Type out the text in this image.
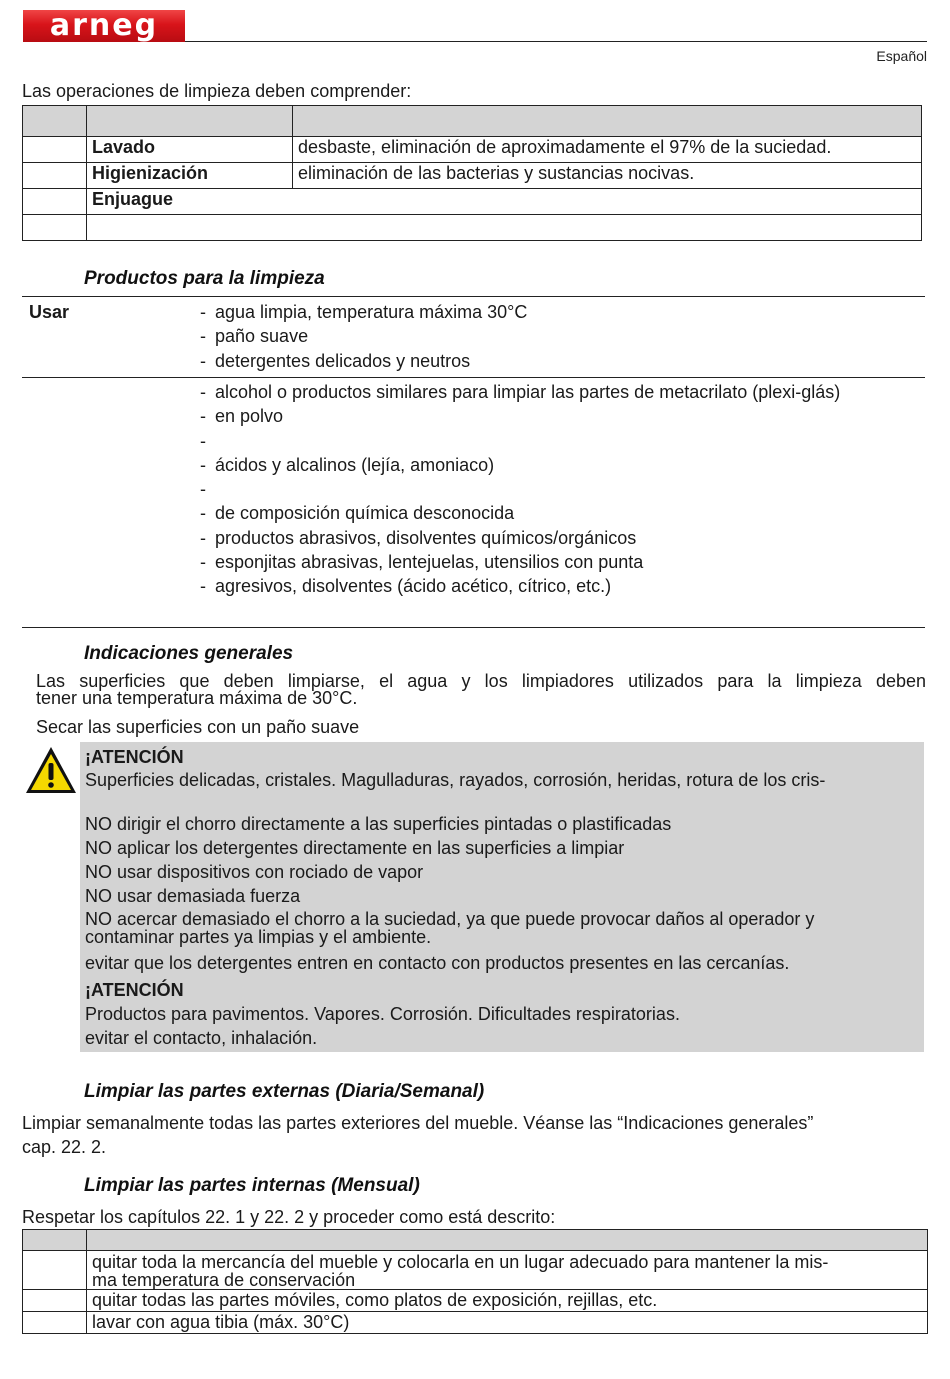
arneg
Español
Las operaciones de limpieza deben comprender:

	Lavado	desbaste, eliminación de aproximadamente el 97% de la suciedad.
	Higienización	eliminación de las bacterias y sustancias nocivas.
	Enjuague	

Productos para la limpieza
Usar	- agua limpia, temperatura máxima 30°C
- paño suave
- detergentes delicados y neutros
- alcohol o productos similares para limpiar las partes de metacrilato (plexi-glás)
- en polvo
-
- ácidos y alcalinos (lejía, amoniaco)
-
- de composición química desconocida
- productos abrasivos, disolventes químicos/orgánicos
- esponjitas abrasivas, lentejuelas, utensilios con punta
- agresivos, disolventes (ácido acético, cítrico, etc.)
Indicaciones generales
Las superficies que deben limpiarse, el agua y los limpiadores utilizados para la limpieza deben
tener una temperatura máxima de 30°C.
Secar las superficies con un paño suave
¡ATENCIÓN
Superficies delicadas, cristales. Magulladuras, rayados, corrosión, heridas, rotura de los cris-
NO dirigir el chorro directamente a las superficies pintadas o plastificadas
NO aplicar los detergentes directamente en las superficies a limpiar
NO usar dispositivos con rociado de vapor
NO usar demasiada fuerza
NO acercar demasiado el chorro a la suciedad, ya que puede provocar daños al operador y
contaminar partes ya limpias y el ambiente.
evitar que los detergentes entren en contacto con productos presentes en las cercanías.
¡ATENCIÓN
Productos para pavimentos. Vapores. Corrosión. Dificultades respiratorias.
evitar el contacto, inhalación.
Limpiar las partes externas (Diaria/Semanal)
Limpiar semanalmente todas las partes exteriores del mueble. Véanse las “Indicaciones generales”
cap. 22. 2.
Limpiar las partes internas (Mensual)
Respetar los capítulos 22. 1 y 22. 2 y proceder como está descrito:

	quitar toda la mercancía del mueble y colocarla en un lugar adecuado para mantener la mis-
ma temperatura de conservación

	quitar todas las partes móviles, como platos de exposición, rejillas, etc.
	lavar con agua tibia (máx. 30°C)
